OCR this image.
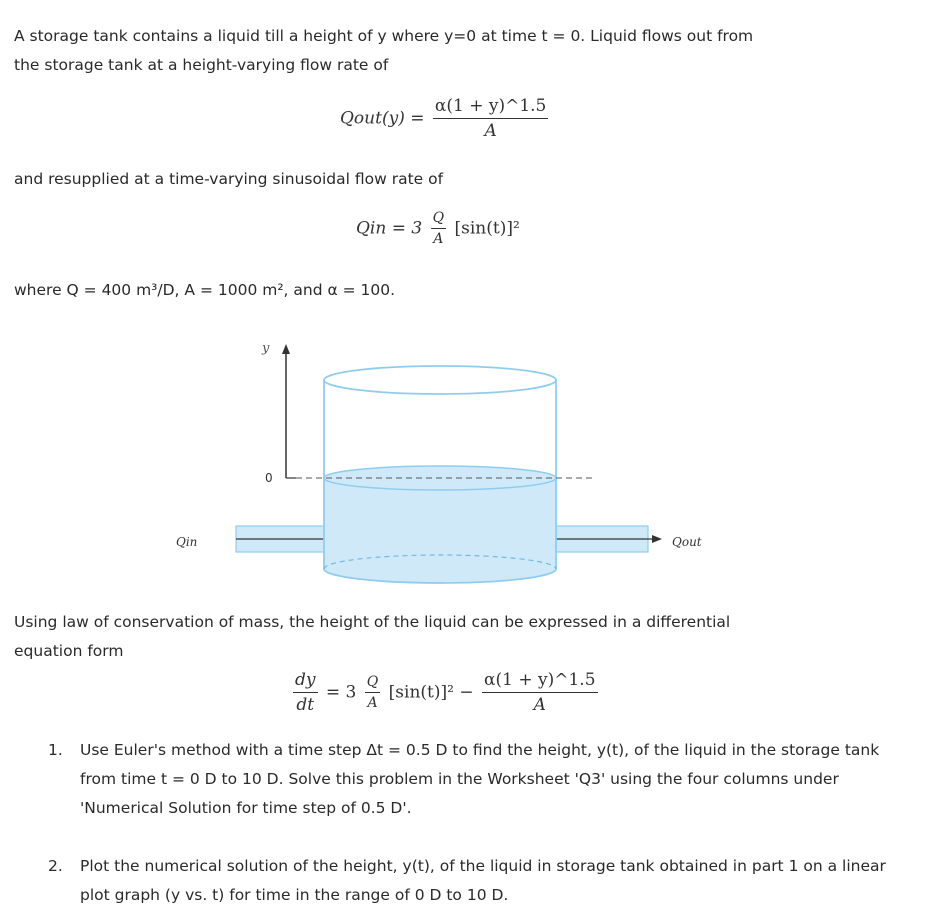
A storage tank contains a liquid till a height of y where y=0 at time t = 0. Liquid flows out from

the storage tank at a height-varying flow rate of

Qout(y) = $\frac{\alpha(1 + y)\^{}1.5}{A}$

and resupplied at a time-varying sinusoidal flow rate of

Qin = $3 \frac{Q}{A} [\sin(t)]^2$

where Q = 400 m³/D, A = 1000 m², and α = 100.

y
0
Qin	Qout

Using law of conservation of mass, the height of the liquid can be expressed in a differential

equation form

$\frac{dy}{dt} = 3 \frac{Q}{A} [\sin(t)]^2 - \frac{\alpha(1 + y)\^{}1.5}{A}$
1. Use Euler's method with a time step Δt = 0.5 D to find the height, y(t), of the liquid in the storage tank from time t = 0 D to 10 D. Solve this problem in the Worksheet 'Q3' using the four columns under 'Numerical Solution for time step of 0.5 D'.
2. Plot the numerical solution of the height, y(t), of the liquid in storage tank obtained in part 1 on a linear plot graph (y vs. t) for time in the range of 0 D to 10 D.
